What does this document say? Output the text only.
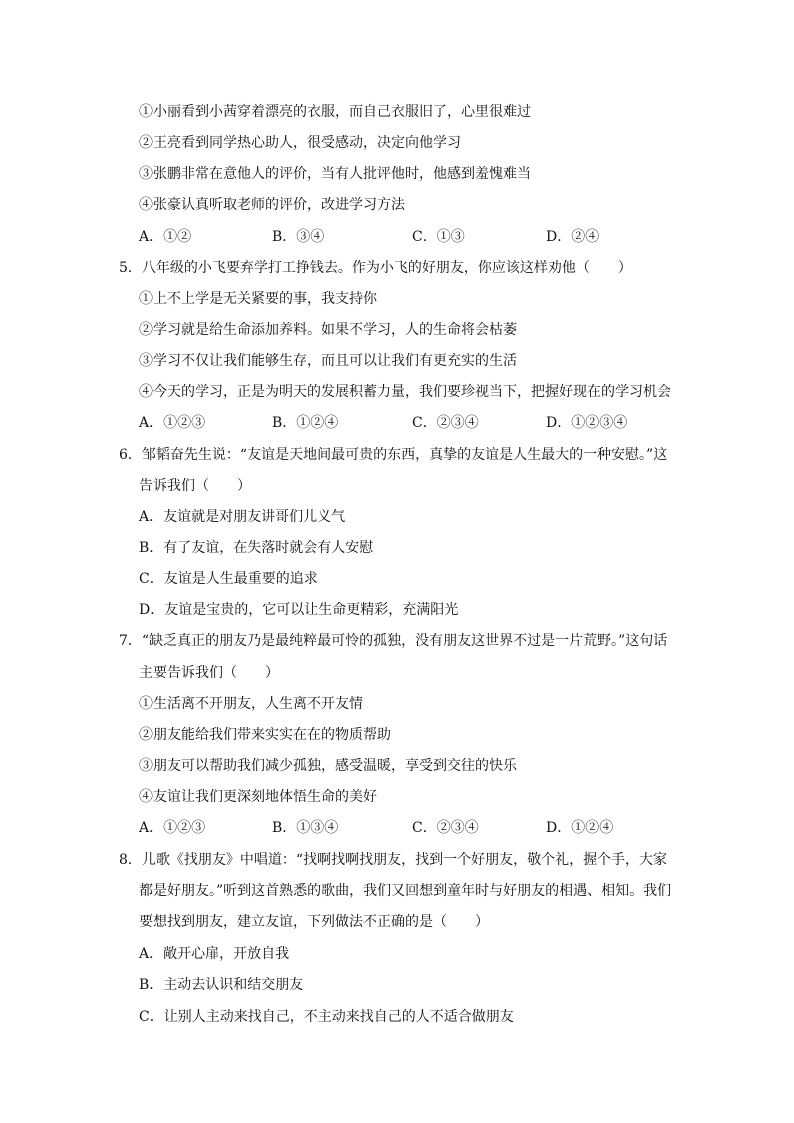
①小丽看到小茜穿着漂亮的衣服，而自己衣服旧了，心里很难过
②王亮看到同学热心助人，很受感动，决定向他学习
③张鹏非常在意他人的评价，当有人批评他时，他感到羞愧难当
④张豪认真听取老师的评价，改进学习方法
A．①②	B．③④	C．①③	D．②④
5．八年级的小飞要弃学打工挣钱去。作为小飞的好朋友，你应该这样劝他（　　）
①上不上学是无关紧要的事，我支持你
②学习就是给生命添加养料。如果不学习，人的生命将会枯萎
③学习不仅让我们能够生存，而且可以让我们有更充实的生活
④今天的学习，正是为明天的发展积蓄力量，我们要珍视当下，把握好现在的学习机会
A．①②③	B．①②④	C．②③④	D．①②③④
6．邹韬奋先生说：“友谊是天地间最可贵的东西，真挚的友谊是人生最大的一种安慰。”这
告诉我们（　　）
A．友谊就是对朋友讲哥们儿义气
B．有了友谊，在失落时就会有人安慰
C．友谊是人生最重要的追求
D．友谊是宝贵的，它可以让生命更精彩，充满阳光
7．“缺乏真正的朋友乃是最纯粹最可怜的孤独，没有朋友这世界不过是一片荒野。”这句话
主要告诉我们（　　）
①生活离不开朋友，人生离不开友情
②朋友能给我们带来实实在在的物质帮助
③朋友可以帮助我们减少孤独，感受温暖，享受到交往的快乐
④友谊让我们更深刻地体悟生命的美好
A．①②③	B．①③④	C．②③④	D．①②④
8．儿歌《找朋友》中唱道：“找啊找啊找朋友，找到一个好朋友，敬个礼，握个手，大家
都是好朋友。”听到这首熟悉的歌曲，我们又回想到童年时与好朋友的相遇、相知。我们
要想找到朋友，建立友谊，下列做法不正确的是（　　）
A．敞开心扉，开放自我
B．主动去认识和结交朋友
C．让别人主动来找自己，不主动来找自己的人不适合做朋友
